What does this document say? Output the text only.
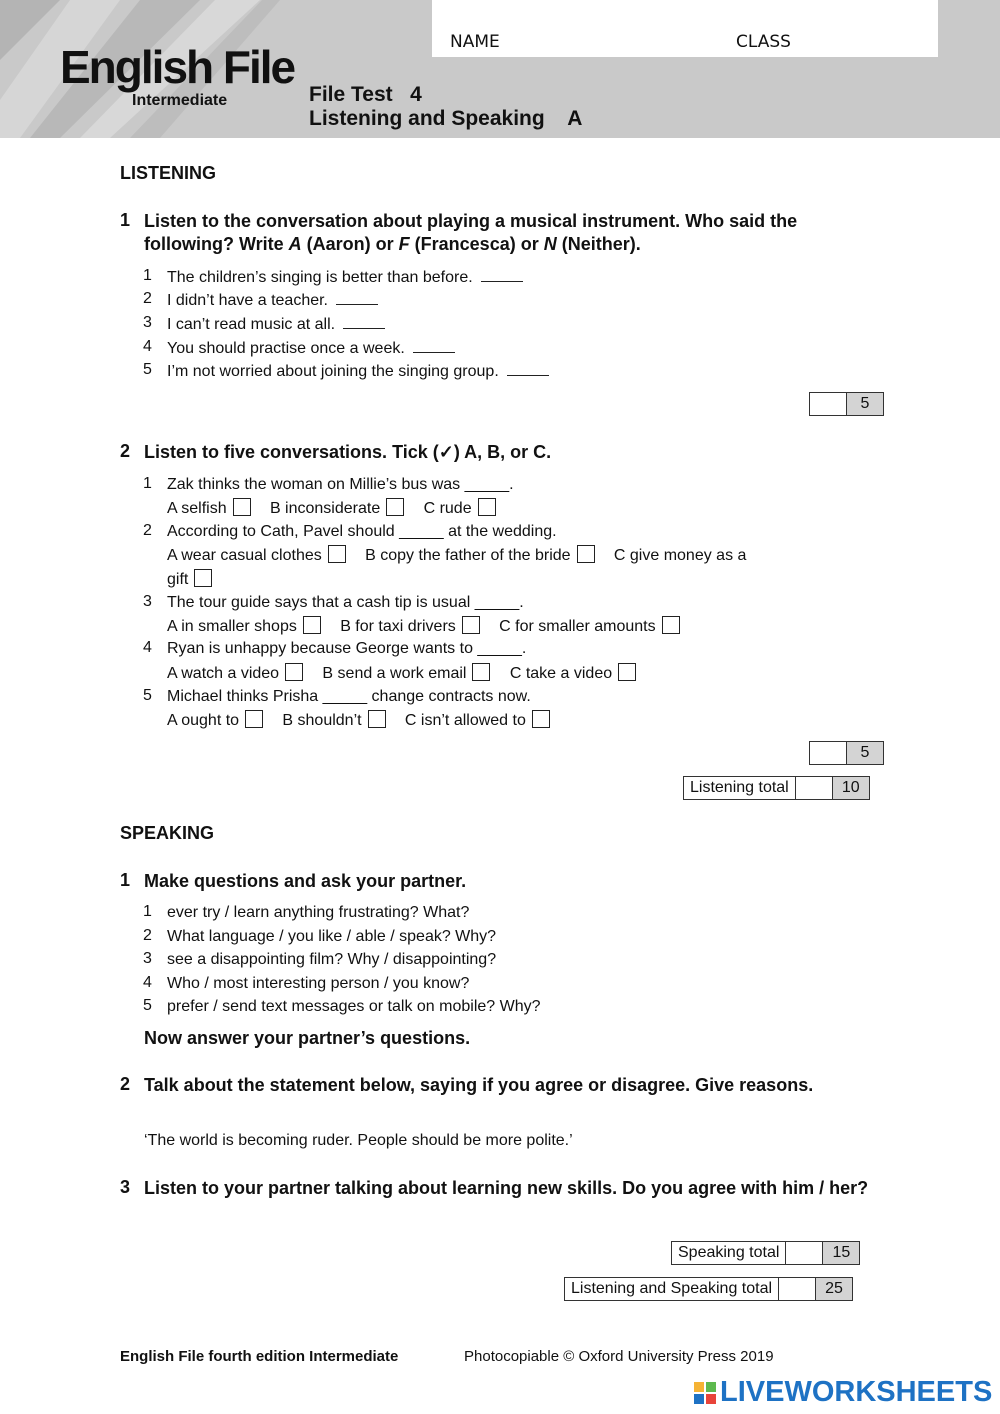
NAME	CLASS
English File
Intermediate	File Test   4
Listening and Speaking    A
LISTENING
1 Listen to the conversation about playing a musical instrument. Who said the following? Write A (Aaron) or F (Francesca) or N (Neither).
1 The children’s singing is better than before.
2 I didn’t have a teacher.
3 I can’t read music at all.
4 You should practise once a week.
5 I’m not worried about joining the singing group.
5
2 Listen to five conversations. Tick (✓) A, B, or C.
1 Zak thinks the woman on Millie’s bus was _____.
A selfish	B inconsiderate	C rude
2 According to Cath, Pavel should _____ at the wedding.
A wear casual clothes	B copy the father of the bride	C give money as a
gift
3 The tour guide says that a cash tip is usual _____.
A in smaller shops	B for taxi drivers	C for smaller amounts
4 Ryan is unhappy because George wants to _____.
A watch a video	B send a work email	C take a video
5 Michael thinks Prisha _____ change contracts now.
A ought to	B shouldn’t	C isn’t allowed to
5
Listening total	10
SPEAKING
1 Make questions and ask your partner.
1 ever try / learn anything frustrating? What?
2 What language / you like / able / speak? Why?
3 see a disappointing film? Why / disappointing?
4 Who / most interesting person / you know?
5 prefer / send text messages or talk on mobile? Why?
Now answer your partner’s questions.
2 Talk about the statement below, saying if you agree or disagree. Give reasons.
‘The world is becoming ruder. People should be more polite.’
3 Listen to your partner talking about learning new skills. Do you agree with him / her?
Speaking total	15
Listening and Speaking total	25
English File fourth edition Intermediate	Photocopiable © Oxford University Press 2019
LIVEWORKSHEETS
